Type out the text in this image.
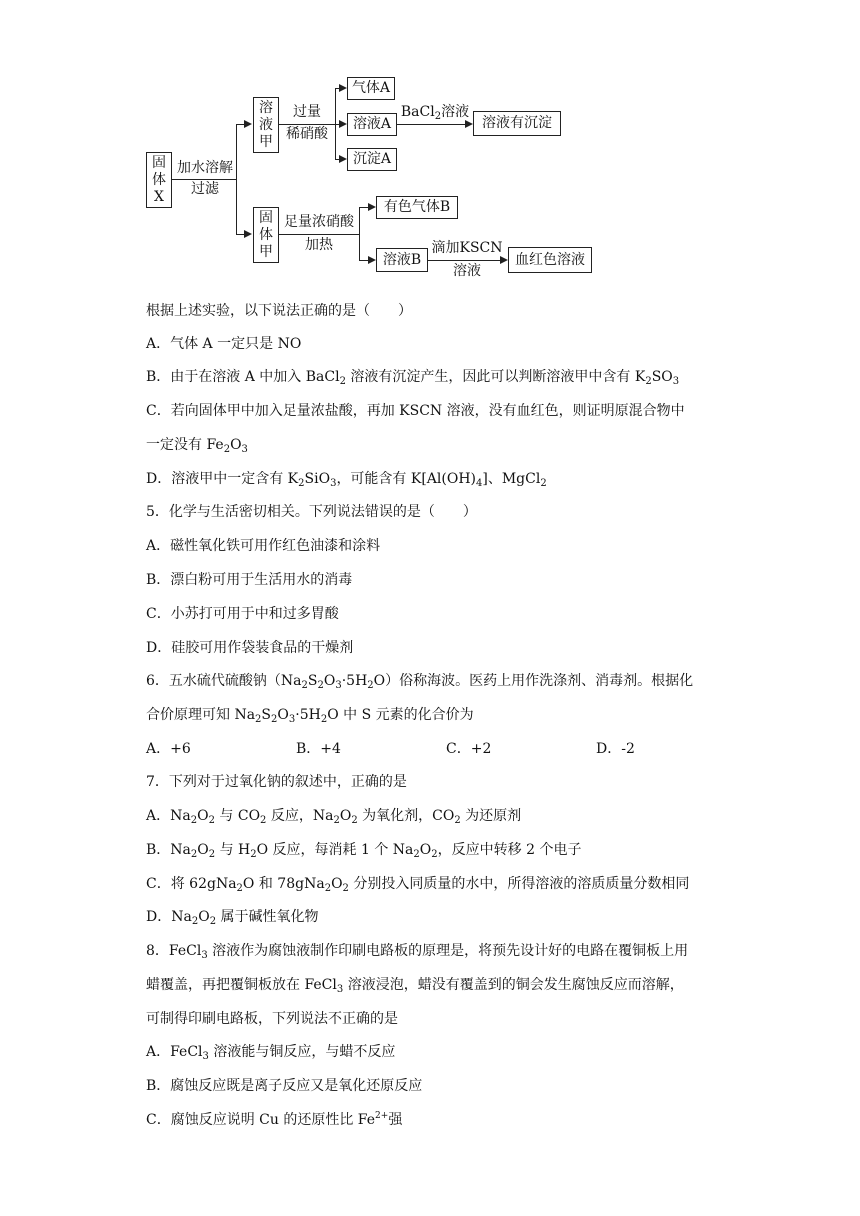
固
体
X
加水溶解
过滤
溶
液
甲
过量
稀硝酸
气体A
溶液A
沉淀A
BaCl$_2$溶液
溶液有沉淀
固
体
甲
足量浓硝酸
加热
有色气体B
溶液B
滴加KSCN
溶液
血红色溶液
根据上述实验，以下说法正确的是（　　）
A．气体 A 一定只是 NO
B．由于在溶液 A 中加入 BaCl$_2$ 溶液有沉淀产生，因此可以判断溶液甲中含有 $K_2SO_3$
C．若向固体甲中加入足量浓盐酸，再加 KSCN 溶液，没有血红色，则证明原混合物中
一定没有 $Fe_2O_3$
D．溶液甲中一定含有 $K_2SiO_3$，可能含有 $K[Al(OH)_4]$、MgCl$_2$
5．化学与生活密切相关。下列说法错误的是（　　）
A．磁性氧化铁可用作红色油漆和涂料
B．漂白粉可用于生活用水的消毒
C．小苏打可用于中和过多胃酸
D．硅胶可用作袋装食品的干燥剂
6．五水硫代硫酸钠$(Na_2S_2O_3\cdot 5H_2O)$俗称海波。医药上用作洗涤剂、消毒剂。根据化
合价原理可知 $Na_2S_2O_3\cdot 5H_2O$ 中 S 元素的化合价为
A．+6	B．+4	C．+2	D．-2
7．下列对于过氧化钠的叙述中，正确的是
A．$Na_2O_2$ 与 $CO_2$ 反应，$Na_2O_2$ 为氧化剂，$CO_2$ 为还原剂
B．$Na_2O_2$ 与 $H_2O$ 反应，每消耗 1 个 $Na_2O_2$，反应中转移 2 个电子
C．将 62gNa$_2$O 和 $78gNa_2O_2$ 分别投入同质量的水中，所得溶液的溶质质量分数相同
D．$Na_2O_2$ 属于碱性氧化物
8．FeCl$_3$ 溶液作为腐蚀液制作印刷电路板的原理是，将预先设计好的电路在覆铜板上用
蜡覆盖，再把覆铜板放在 FeCl$_3$ 溶液浸泡，蜡没有覆盖到的铜会发生腐蚀反应而溶解，
可制得印刷电路板，下列说法不正确的是
A．FeCl$_3$ 溶液能与铜反应，与蜡不反应
B．腐蚀反应既是离子反应又是氧化还原反应
C．腐蚀反应说明 Cu 的还原性比 $Fe^{2+}$强
